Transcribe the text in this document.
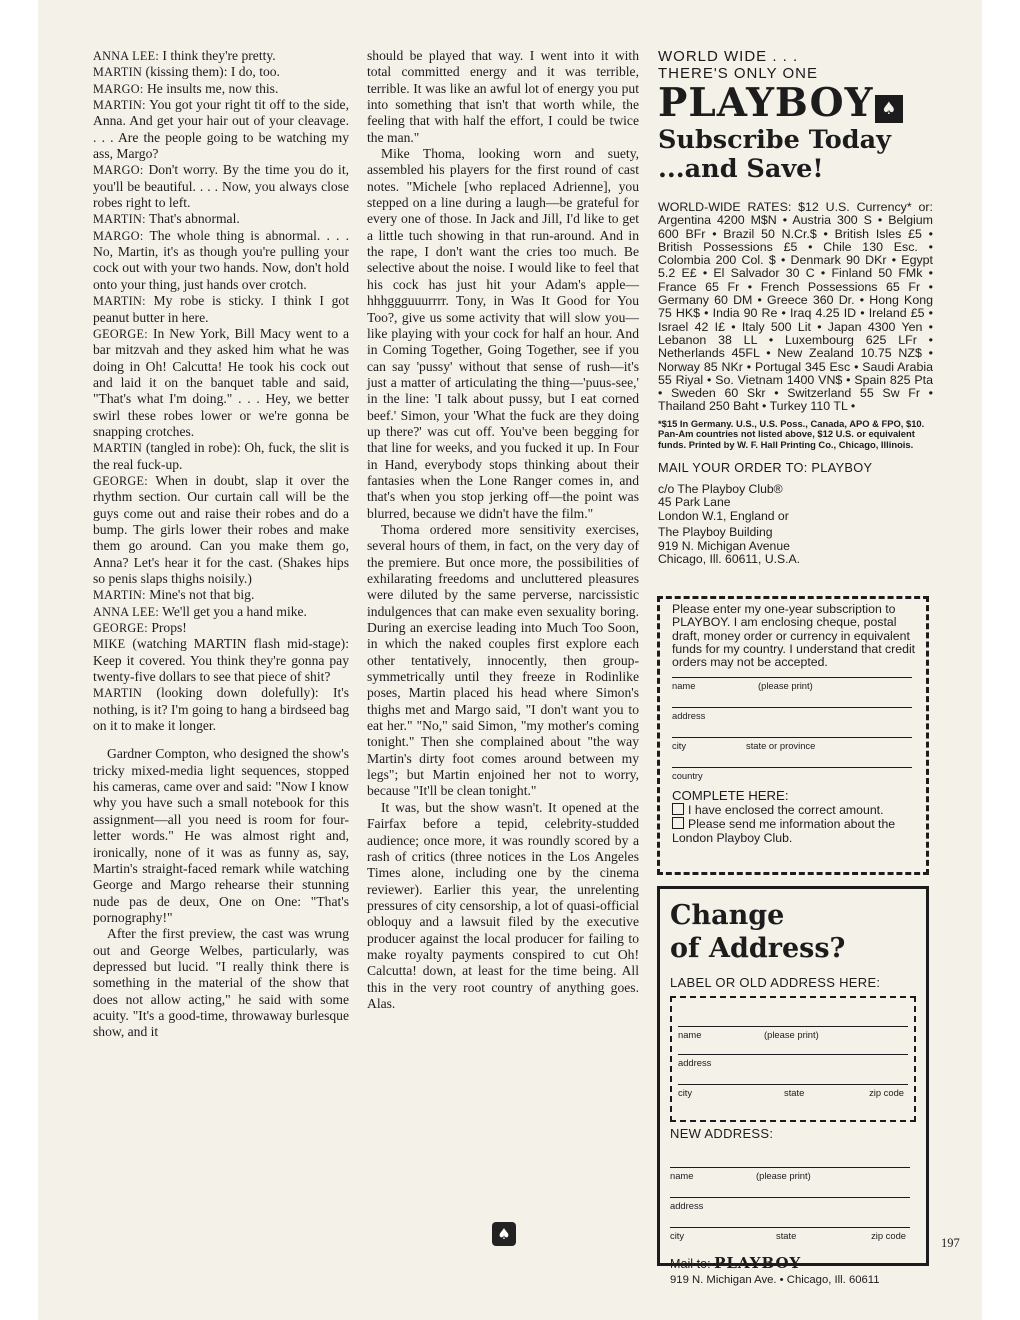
ANNA LEE: I think they're pretty.

MARTIN (kissing them): I do, too.

MARGO: He insults me, now this.

MARTIN: You got your right tit off to the side, Anna. And get your hair out of your cleavage. . . . Are the people going to be watching my ass, Margo?

MARGO: Don't worry. By the time you do it, you'll be beautiful. . . . Now, you always close robes right to left.

MARTIN: That's abnormal.

MARGO: The whole thing is abnormal. . . . No, Martin, it's as though you're pulling your cock out with your two hands. Now, don't hold onto your thing, just hands over crotch.

MARTIN: My robe is sticky. I think I got peanut butter in here.

GEORGE: In New York, Bill Macy went to a bar mitzvah and they asked him what he was doing in Oh! Calcutta! He took his cock out and laid it on the banquet table and said, "That's what I'm doing." . . . Hey, we better swirl these robes lower or we're gonna be snapping crotches.

MARTIN (tangled in robe): Oh, fuck, the slit is the real fuck-up.

GEORGE: When in doubt, slap it over the rhythm section. Our curtain call will be the guys come out and raise their robes and do a bump. The girls lower their robes and make them go around. Can you make them go, Anna? Let's hear it for the cast. (Shakes hips so penis slaps thighs noisily.)

MARTIN: Mine's not that big.

ANNA LEE: We'll get you a hand mike.

GEORGE: Props!

MIKE (watching MARTIN flash mid-stage): Keep it covered. You think they're gonna pay twenty-five dollars to see that piece of shit?

MARTIN (looking down dolefully): It's nothing, is it? I'm going to hang a birdseed bag on it to make it longer.

Gardner Compton, who designed the show's tricky mixed-media light sequences, stopped his cameras, came over and said: "Now I know why you have such a small notebook for this assignment—all you need is room for four-letter words." He was almost right and, ironically, none of it was as funny as, say, Martin's straight-faced remark while watching George and Margo rehearse their stunning nude pas de deux, One on One: "That's pornography!"

After the first preview, the cast was wrung out and George Welbes, particularly, was depressed but lucid. "I really think there is something in the material of the show that does not allow acting," he said with some acuity. "It's a good-time, throwaway burlesque show, and it

should be played that way. I went into it with total committed energy and it was terrible, terrible. It was like an awful lot of energy you put into something that isn't that worth while, the feeling that with half the effort, I could be twice the man."

Mike Thoma, looking worn and suety, assembled his players for the first round of cast notes. "Michele [who replaced Adrienne], you stepped on a line during a laugh—be grateful for every one of those. In Jack and Jill, I'd like to get a little tuch showing in that run-around. And in the rape, I don't want the cries too much. Be selective about the noise. I would like to feel that his cock has just hit your Adam's apple—hhhggguuurrrr. Tony, in Was It Good for You Too?, give us some activity that will slow you—like playing with your cock for half an hour. And in Coming Together, Going Together, see if you can say 'pussy' without that sense of rush—it's just a matter of articulating the thing—'puus-see,' in the line: 'I talk about pussy, but I eat corned beef.' Simon, your 'What the fuck are they doing up there?' was cut off. You've been begging for that line for weeks, and you fucked it up. In Four in Hand, everybody stops thinking about their fantasies when the Lone Ranger comes in, and that's when you stop jerking off—the point was blurred, because we didn't have the film."

Thoma ordered more sensitivity exercises, several hours of them, in fact, on the very day of the premiere. But once more, the possibilities of exhilarating freedoms and uncluttered pleasures were diluted by the same perverse, narcissistic indulgences that can make even sexuality boring. During an exercise leading into Much Too Soon, in which the naked couples first explore each other tentatively, innocently, then group-symmetrically until they freeze in Rodinlike poses, Martin placed his head where Simon's thighs met and Margo said, "I don't want you to eat her." "No," said Simon, "my mother's coming tonight." Then she complained about "the way Martin's dirty foot comes around between my legs"; but Martin enjoined her not to worry, because "It'll be clean tonight."

It was, but the show wasn't. It opened at the Fairfax before a tepid, celebrity-studded audience; once more, it was roundly scored by a rash of critics (three notices in the Los Angeles Times alone, including one by the cinema reviewer). Earlier this year, the unrelenting pressures of city censorship, a lot of quasi-official obloquy and a lawsuit filed by the executive producer against the local producer for failing to make royalty payments conspired to cut Oh! Calcutta! down, at least for the time being. All this in the very root country of anything goes. Alas.

♠

WORLD WIDE . . .

THERE'S ONLY ONE

PLAYBOY ♠

Subscribe Today

...and Save!

WORLD-WIDE RATES: $12 U.S. Currency* or: Argentina 4200 M$N • Austria 300 S • Belgium 600 BFr • Brazil 50 N.Cr.$ • British Isles £5 • British Possessions £5 • Chile 130 Esc. • Colombia 200 Col. $ • Denmark 90 DKr • Egypt 5.2 E£ • El Salvador 30 C • Finland 50 FMk • France 65 Fr • French Possessions 65 Fr • Germany 60 DM • Greece 360 Dr. • Hong Kong 75 HK$ • India 90 Re • Iraq 4.25 ID • Ireland £5 • Israel 42 I£ • Italy 500 Lit • Japan 4300 Yen • Lebanon 38 LL • Luxembourg 625 LFr • Netherlands 45FL • New Zealand 10.75 NZ$ • Norway 85 NKr • Portugal 345 Esc • Saudi Arabia 55 Riyal • So. Vietnam 1400 VN$ • Spain 825 Pta • Sweden 60 Skr • Switzerland 55 Sw Fr • Thailand 250 Baht • Turkey 110 TL •
*$15 In Germany. U.S., U.S. Poss., Canada, APO & FPO, $10. Pan-Am countries not listed above, $12 U.S. or equivalent funds. Printed by W. F. Hall Printing Co., Chicago, Illinois.
MAIL YOUR ORDER TO: PLAYBOY
c/o The Playboy Club®
45 Park Lane
London W.1, England or
The Playboy Building
919 N. Michigan Avenue
Chicago, Ill. 60611, U.S.A.

Please enter my one-year subscription to PLAYBOY. I am enclosing cheque, postal draft, money order or currency in equivalent funds for my country. I understand that credit orders may not be accepted.

name	(please print)
address
city	state or province
country
COMPLETE HERE:

I have enclosed the correct amount.

Please send me information about the London Playboy Club.

Change

of Address?

LABEL OR OLD ADDRESS HERE:
name	(please print)
address
city	state	zip code
NEW ADDRESS:
name	(please print)
address
city	state	zip code
Mail to: PLAYBOY
919 N. Michigan Ave. • Chicago, Ill. 60611
197
